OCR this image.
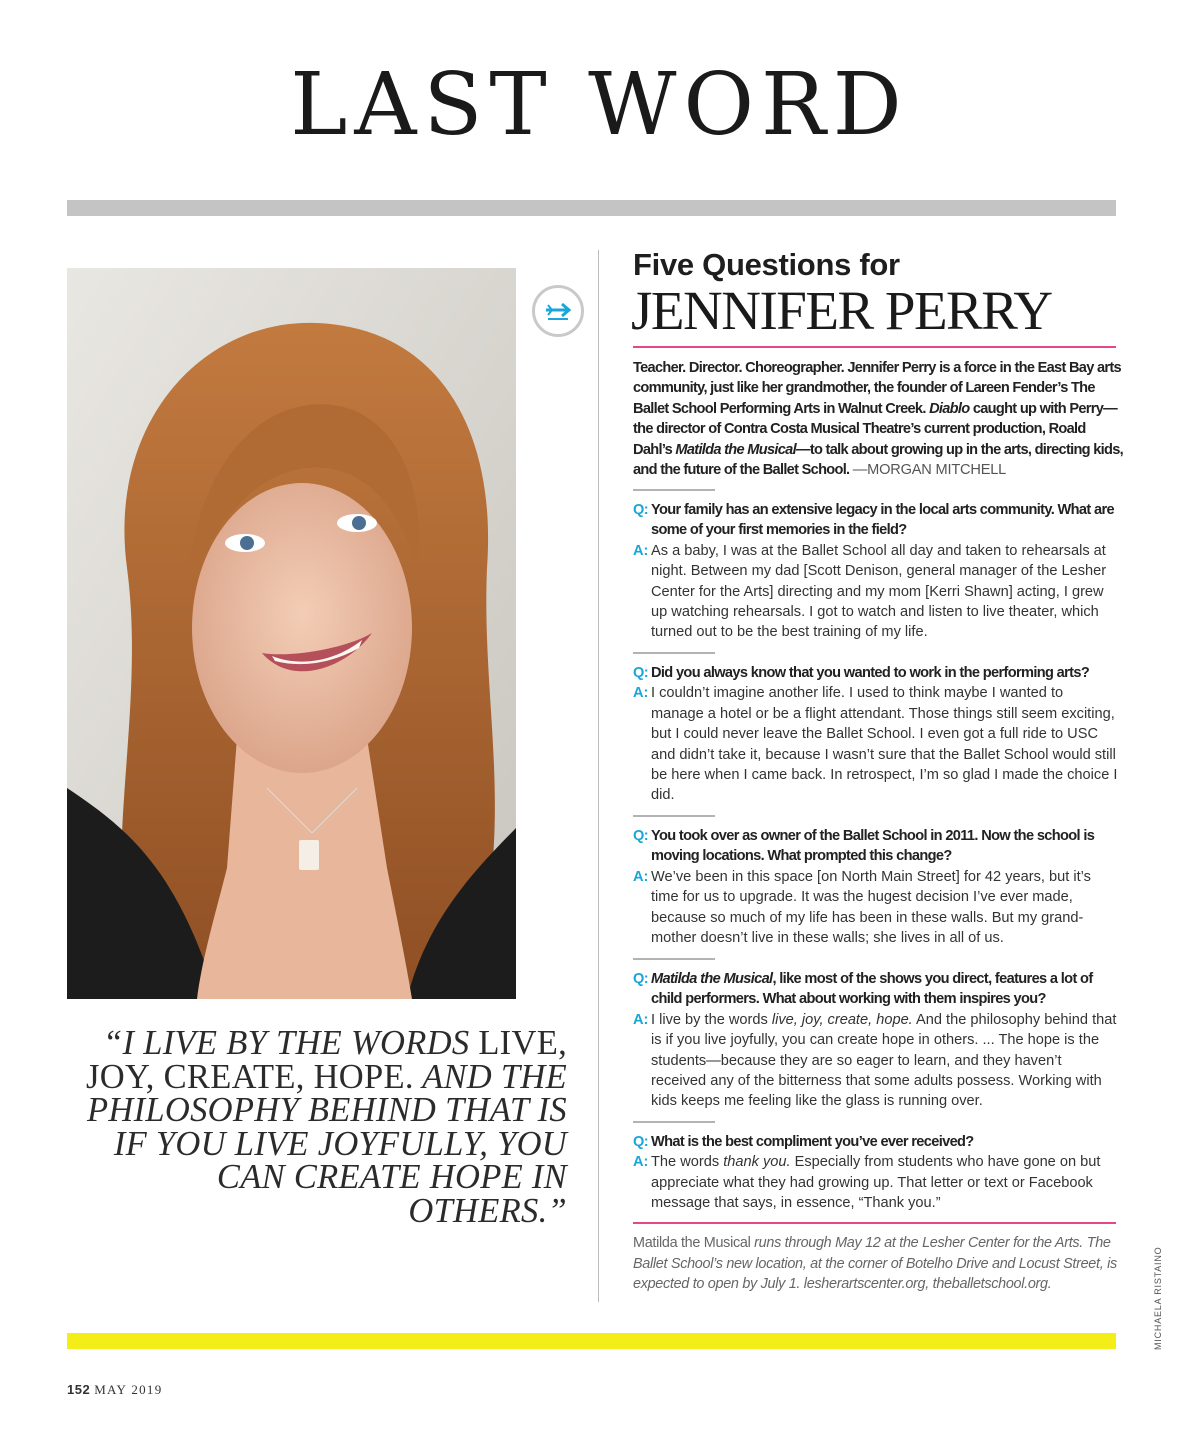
LAST WORD
“I LIVE BY THE WORDS LIVE, JOY, CREATE, HOPE. AND THE PHILOSOPHY BEHIND THAT IS IF YOU LIVE JOYFULLY, YOU CAN CREATE HOPE IN OTHERS.”
Five Questions for
JENNIFER PERRY
Teacher. Director. Choreographer. Jennifer Perry is a force in the East Bay arts community, just like her grandmother, the founder of Lareen Fender’s The Ballet School Performing Arts in Walnut Creek. Diablo caught up with Perry—the director of Contra Costa Musical Theatre’s current production, Roald Dahl’s Matilda the Musical—to talk about growing up in the arts, directing kids, and the future of the Ballet School. —MORGAN MITCHELL
Q: Your family has an extensive legacy in the local arts community. What are some of your first memories in the field?
A: As a baby, I was at the Ballet School all day and taken to rehearsals at night. Between my dad [Scott Denison, general manager of the Lesher Center for the Arts] directing and my mom [Kerri Shawn] acting, I grew up watching rehearsals. I got to watch and listen to live theater, which turned out to be the best training of my life.
Q: Did you always know that you wanted to work in the performing arts?
A: I couldn’t imagine another life. I used to think maybe I wanted to manage a hotel or be a flight attendant. Those things still seem exciting, but I could never leave the Ballet School. I even got a full ride to USC and didn’t take it, because I wasn’t sure that the Ballet School would still be here when I came back. In retrospect, I’m so glad I made the choice I did.
Q: You took over as owner of the Ballet School in 2011. Now the school is moving locations. What prompted this change?
A: We’ve been in this space [on North Main Street] for 42 years, but it’s time for us to upgrade. It was the hugest decision I’ve ever made, because so much of my life has been in these walls. But my grand-mother doesn’t live in these walls; she lives in all of us.
Q: Matilda the Musical, like most of the shows you direct, features a lot of child performers. What about working with them inspires you?
A: I live by the words live, joy, create, hope. And the philosophy behind that is if you live joyfully, you can create hope in others. ... The hope is the students—because they are so eager to learn, and they haven’t received any of the bitterness that some adults possess. Working with kids keeps me feeling like the glass is running over.
Q: What is the best compliment you’ve ever received?
A: The words thank you. Especially from students who have gone on but appreciate what they had growing up. That letter or text or Facebook message that says, in essence, “Thank you.”
Matilda the Musical runs through May 12 at the Lesher Center for the Arts. The Ballet School’s new location, at the corner of Botelho Drive and Locust Street, is expected to open by July 1. lesherartscenter.org, theballetschool.org.	MICHAELA RISTAINO
152 MAY 2019
